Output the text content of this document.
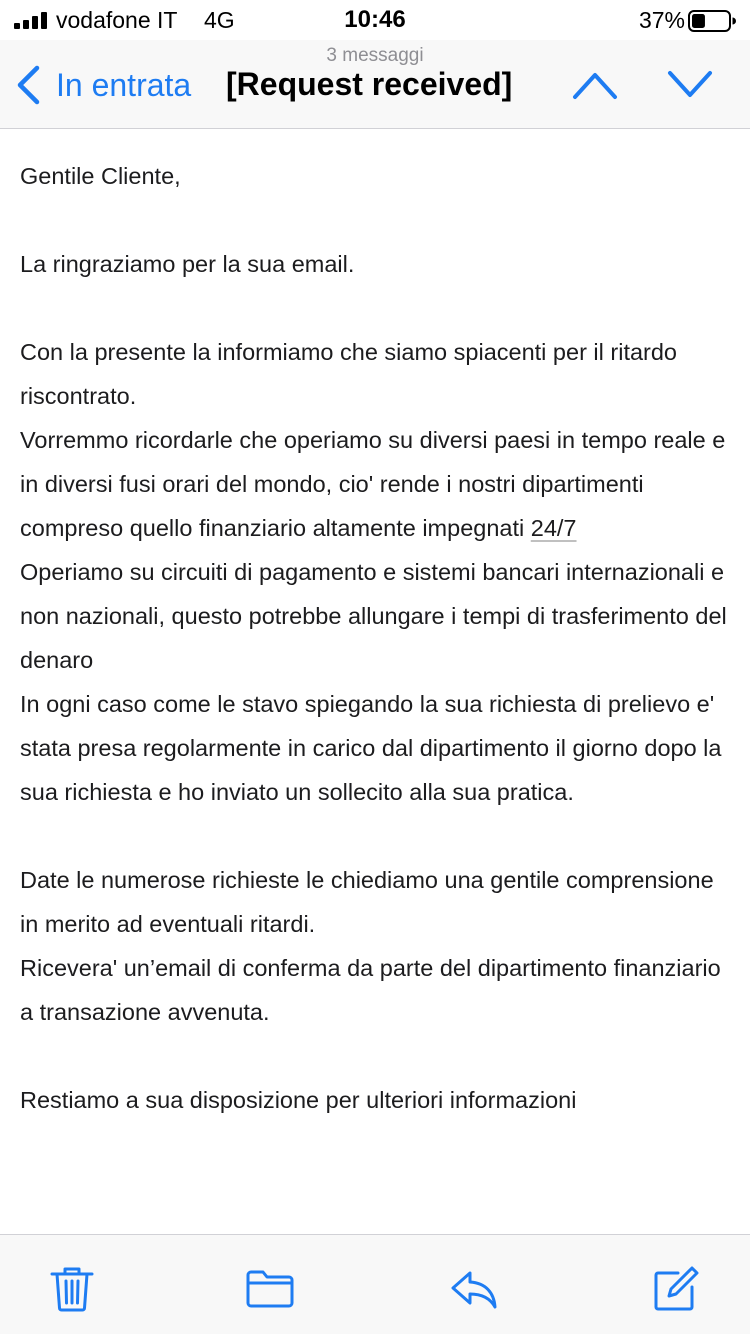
vodafone IT 4G	10:46	37%
3 messaggi
In entrata [Request received]

Gentile Cliente,

La ringraziamo per la sua email.

Con la presente la informiamo che siamo spiacenti per il ritardo riscontrato.

Vorremmo ricordarle che operiamo su diversi paesi in tempo reale e in diversi fusi orari del mondo, cio' rende i nostri dipartimenti compreso quello finanziario altamente impegnati 24/7

Operiamo su circuiti di pagamento e sistemi bancari internazionali e non nazionali, questo potrebbe allungare i tempi di trasferimento del denaro

In ogni caso come le stavo spiegando la sua richiesta di prelievo e' stata presa regolarmente in carico dal dipartimento il giorno dopo la sua richiesta e ho inviato un sollecito alla sua pratica.

Date le numerose richieste le chiediamo una gentile comprensione in merito ad eventuali ritardi.

Ricevera' un’email di conferma da parte del dipartimento finanziario a transazione avvenuta.

Restiamo a sua disposizione per ulteriori informazioni
